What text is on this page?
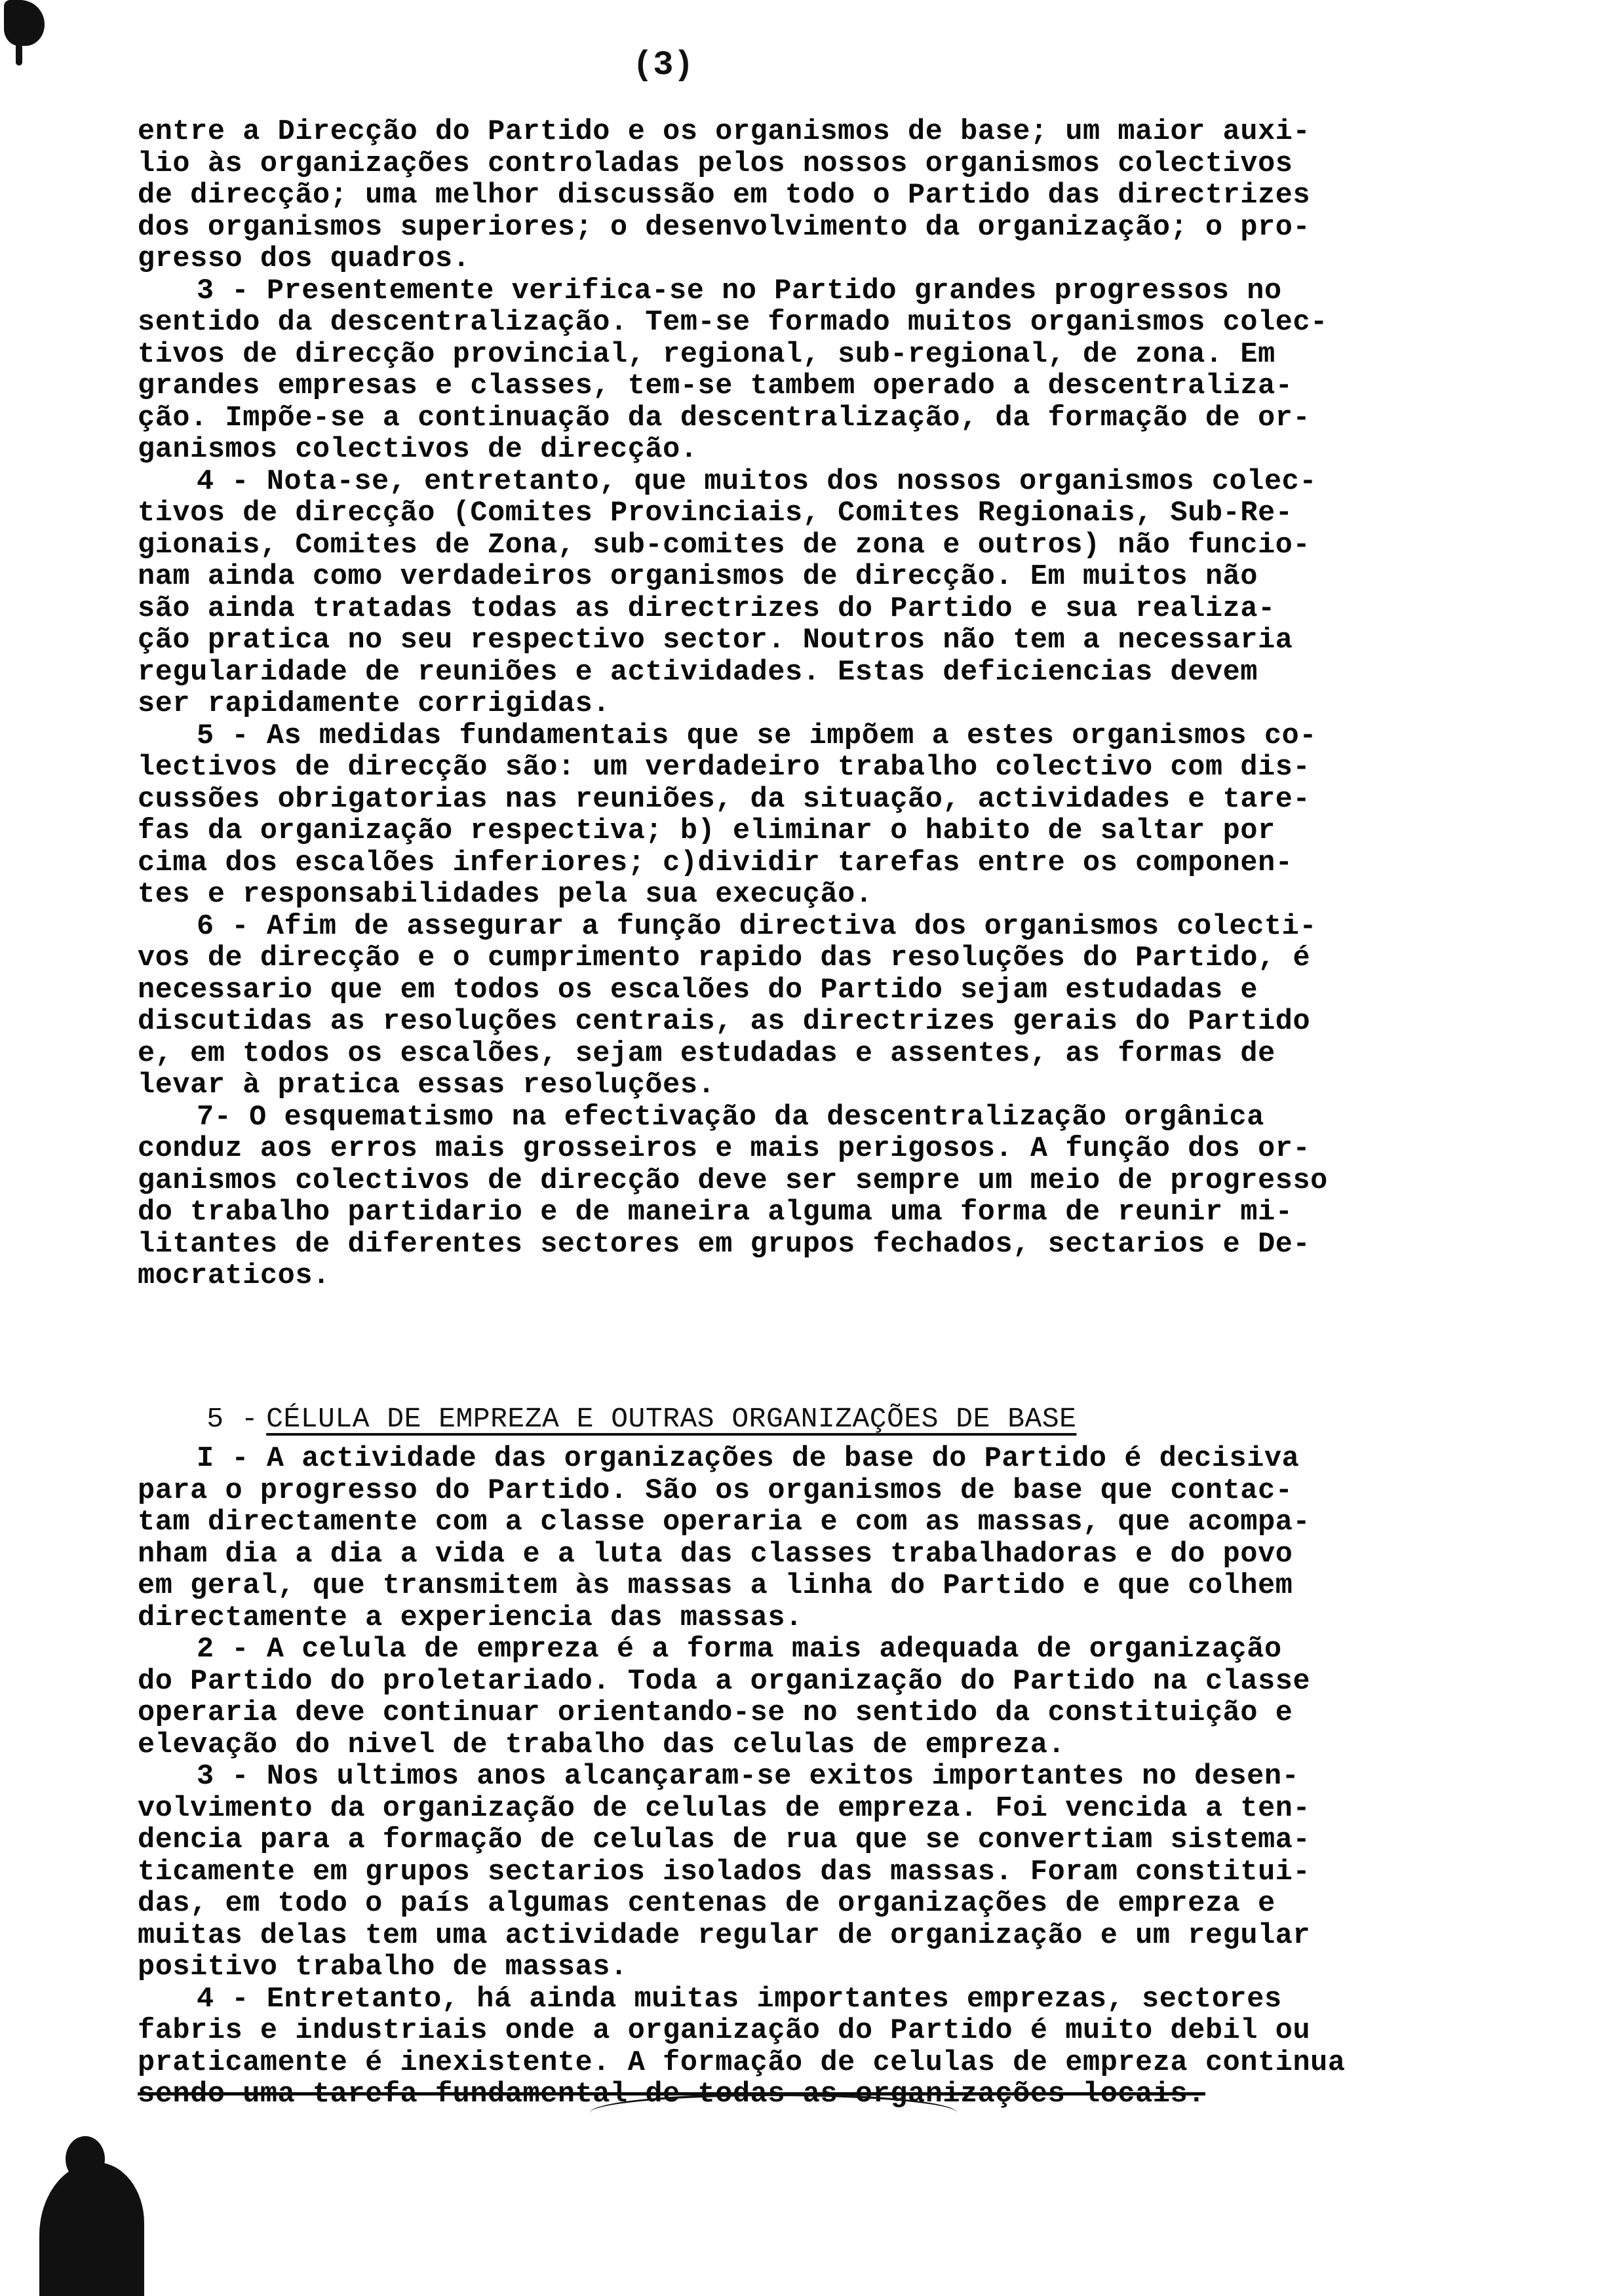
(3)
entre a Direcção do Partido e os organismos de base; um maior auxi-
lio às organizações controladas pelos nossos organismos colectivos
de direcção; uma melhor discussão em todo o Partido das directrizes
dos organismos superiores; o desenvolvimento da organização; o pro-
gresso dos quadros.
3 - Presentemente verifica-se no Partido grandes progressos no
sentido da descentralização. Tem-se formado muitos organismos colec-
tivos de direcção provincial, regional, sub-regional, de zona. Em
grandes empresas e classes, tem-se tambem operado a descentraliza-
ção. Impõe-se a continuação da descentralização, da formação de or-
ganismos colectivos de direcção.
4 - Nota-se, entretanto, que muitos dos nossos organismos colec-
tivos de direcção (Comites Provinciais, Comites Regionais, Sub-Re-
gionais, Comites de Zona, sub-comites de zona e outros) não funcio-
nam ainda como verdadeiros organismos de direcção. Em muitos não
são ainda tratadas todas as directrizes do Partido e sua realiza-
ção pratica no seu respectivo sector. Noutros não tem a necessaria
regularidade de reuniões e actividades. Estas deficiencias devem
ser rapidamente corrigidas.
5 - As medidas fundamentais que se impõem a estes organismos co-
lectivos de direcção são: um verdadeiro trabalho colectivo com dis-
cussões obrigatorias nas reuniões, da situação, actividades e tare-
fas da organização respectiva; b) eliminar o habito de saltar por
cima dos escalões inferiores; c)dividir tarefas entre os componen-
tes e responsabilidades pela sua execução.
6 - Afim de assegurar a função directiva dos organismos colecti-
vos de direcção e o cumprimento rapido das resoluções do Partido, é
necessario que em todos os escalões do Partido sejam estudadas e
discutidas as resoluções centrais, as directrizes gerais do Partido
e, em todos os escalões, sejam estudadas e assentes, as formas de
levar à pratica essas resoluções.
7- O esquematismo na efectivação da descentralização orgânica
conduz aos erros mais grosseiros e mais perigosos. A função dos or-
ganismos colectivos de direcção deve ser sempre um meio de progresso
do trabalho partidario e de maneira alguma uma forma de reunir mi-
litantes de diferentes sectores em grupos fechados, sectarios e De-
mocraticos.

5 - CÉLULA DE EMPREZA E OUTRAS ORGANIZAÇÕES DE BASE

I - A actividade das organizações de base do Partido é decisiva
para o progresso do Partido. São os organismos de base que contac-
tam directamente com a classe operaria e com as massas, que acompa-
nham dia a dia a vida e a luta das classes trabalhadoras e do povo
em geral, que transmitem às massas a linha do Partido e que colhem
directamente a experiencia das massas.
2 - A celula de empreza é a forma mais adequada de organização
do Partido do proletariado. Toda a organização do Partido na classe
operaria deve continuar orientando-se no sentido da constituição e
elevação do nivel de trabalho das celulas de empreza.
3 - Nos ultimos anos alcançaram-se exitos importantes no desen-
volvimento da organização de celulas de empreza. Foi vencida a ten-
dencia para a formação de celulas de rua que se convertiam sistema-
ticamente em grupos sectarios isolados das massas. Foram constitui-
das, em todo o país algumas centenas de organizações de empreza e
muitas delas tem uma actividade regular de organização e um regular
positivo trabalho de massas.
4 - Entretanto, há ainda muitas importantes emprezas, sectores
fabris e industriais onde a organização do Partido é muito debil ou
praticamente é inexistente. A formação de celulas de empreza continua
sendo uma tarefa fundamental de todas as organizações locais.
